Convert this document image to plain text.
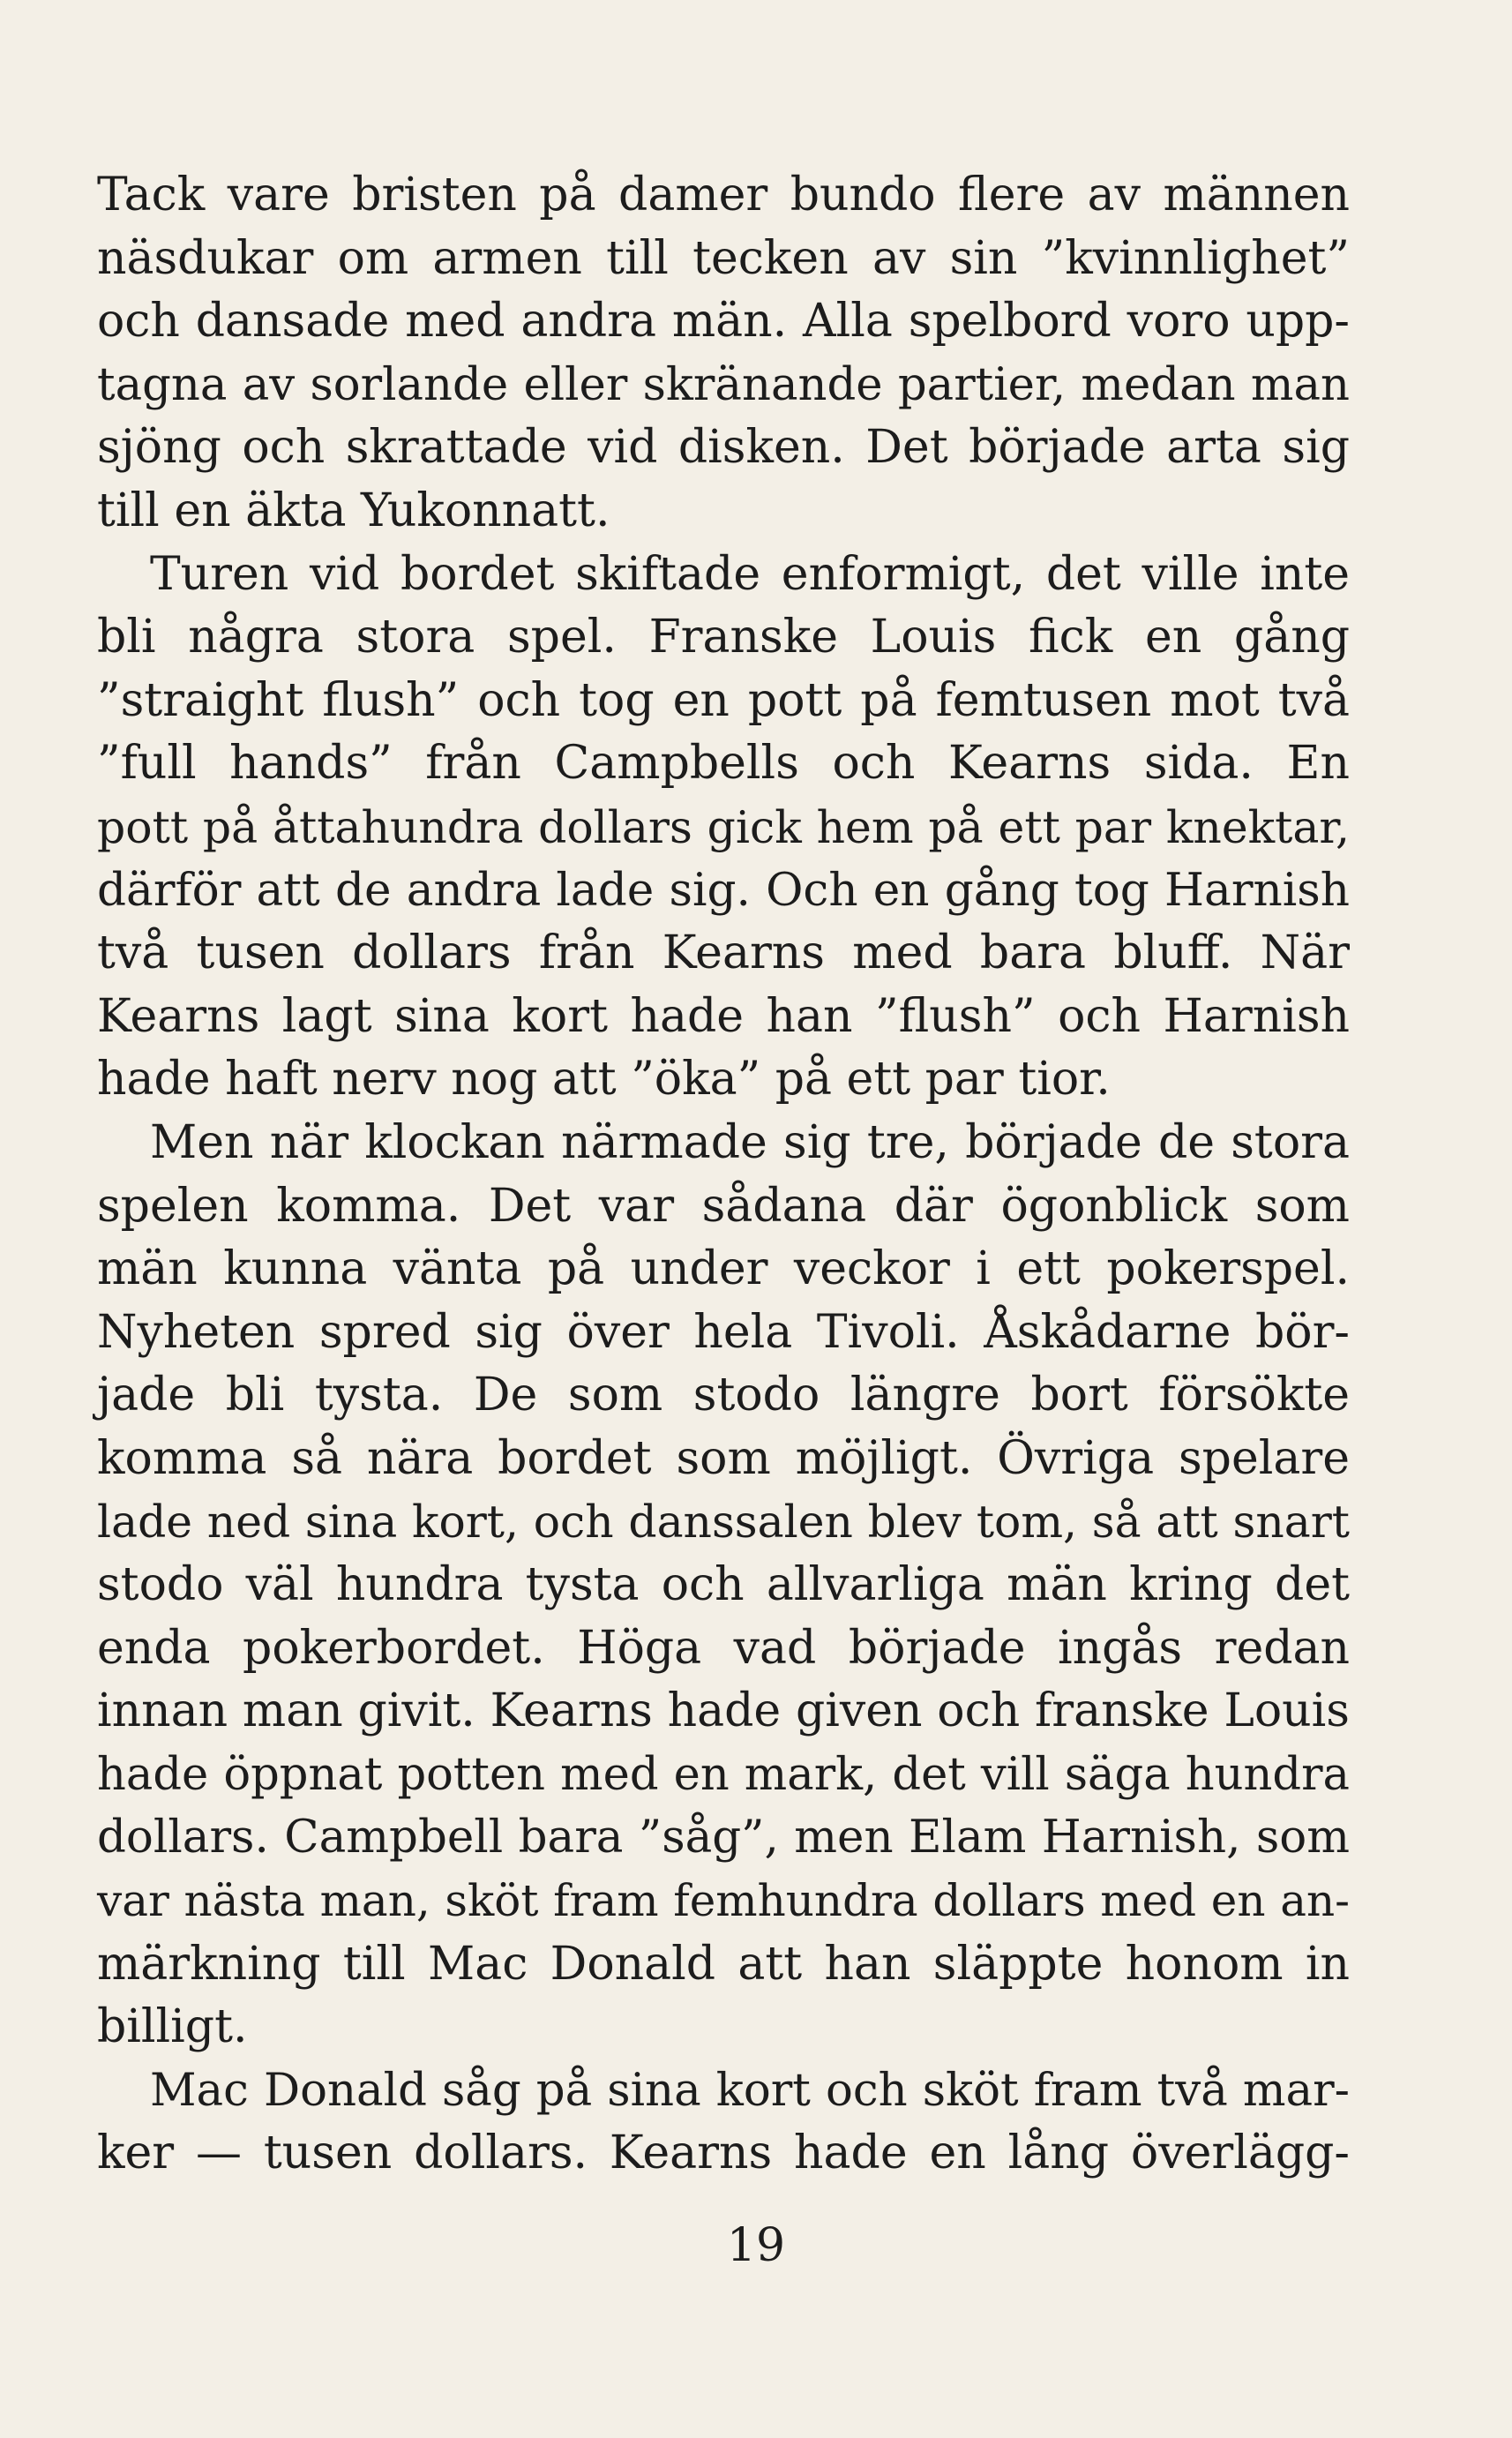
Tack vare bristen på damer bundo flere av männen
näsdukar om armen till tecken av sin ”kvinnlighet”
och dansade med andra män. Alla spelbord voro upp-
tagna av sorlande eller skränande partier, medan man
sjöng och skrattade vid disken. Det började arta sig
till en äkta Yukonnatt.
Turen vid bordet skiftade enformigt, det ville inte
bli några stora spel. Franske Louis fick en gång
”straight flush” och tog en pott på femtusen mot två
”full hands” från Campbells och Kearns sida. En
pott på åttahundra dollars gick hem på ett par knektar,
därför att de andra lade sig. Och en gång tog Harnish
två tusen dollars från Kearns med bara bluff. När
Kearns lagt sina kort hade han ”flush” och Harnish
hade haft nerv nog att ”öka” på ett par tior.
Men när klockan närmade sig tre, började de stora
spelen komma. Det var sådana där ögonblick som
män kunna vänta på under veckor i ett pokerspel.
Nyheten spred sig över hela Tivoli. Åskådarne bör-
jade bli tysta. De som stodo längre bort försökte
komma så nära bordet som möjligt. Övriga spelare
lade ned sina kort, och danssalen blev tom, så att snart
stodo väl hundra tysta och allvarliga män kring det
enda pokerbordet. Höga vad började ingås redan
innan man givit. Kearns hade given och franske Louis
hade öppnat potten med en mark, det vill säga hundra
dollars. Campbell bara ”såg”, men Elam Harnish, som
var nästa man, sköt fram femhundra dollars med en an-
märkning till Mac Donald att han släppte honom in
billigt.
Mac Donald såg på sina kort och sköt fram två mar-
ker — tusen dollars. Kearns hade en lång överlägg-
19
